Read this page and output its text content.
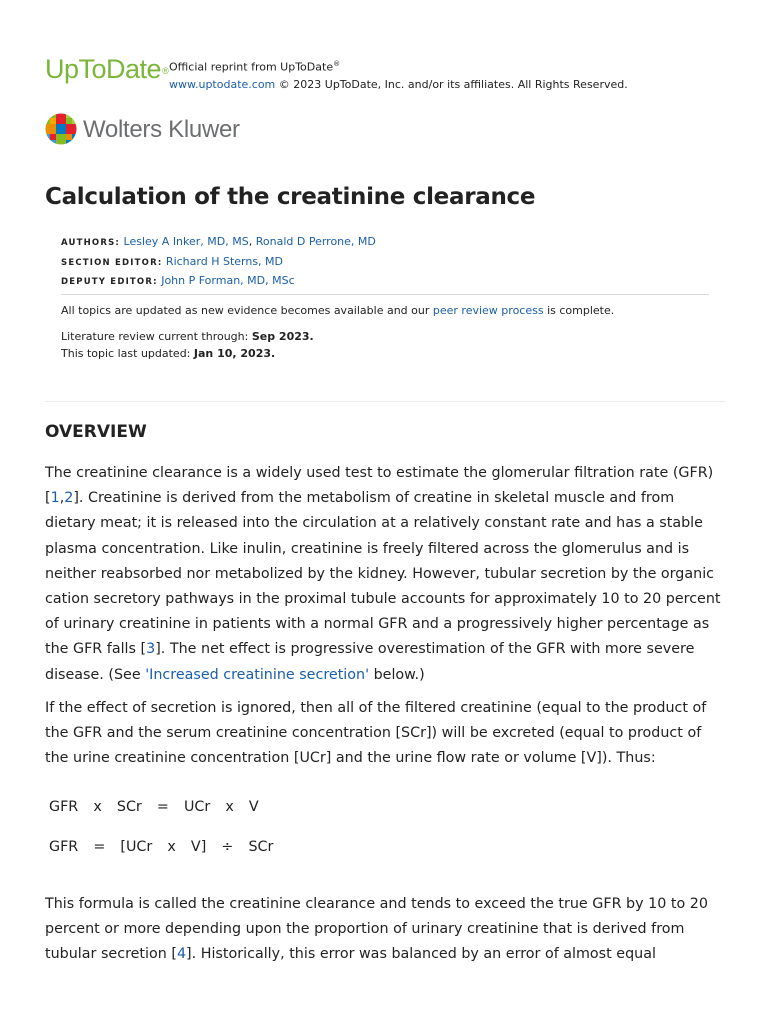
UpToDate® Official reprint from UpToDate®
www.uptodate.com © 2023 UpToDate, Inc. and/or its affiliates. All Rights Reserved.
Wolters Kluwer
Calculation of the creatinine clearance
AUTHORS: Lesley A Inker, MD, MS, Ronald D Perrone, MD
SECTION EDITOR: Richard H Sterns, MD
DEPUTY EDITOR: John P Forman, MD, MSc

All topics are updated as new evidence becomes available and our peer review process is complete.

Literature review current through: Sep 2023.

This topic last updated: Jan 10, 2023.

OVERVIEW

The creatinine clearance is a widely used test to estimate the glomerular filtration rate (GFR) [1,2]. Creatinine is derived from the metabolism of creatine in skeletal muscle and from dietary meat; it is released into the circulation at a relatively constant rate and has a stable plasma concentration. Like inulin, creatinine is freely filtered across the glomerulus and is neither reabsorbed nor metabolized by the kidney. However, tubular secretion by the organic cation secretory pathways in the proximal tubule accounts for approximately 10 to 20 percent of urinary creatinine in patients with a normal GFR and a progressively higher percentage as the GFR falls [3]. The net effect is progressive overestimation of the GFR with more severe disease. (See 'Increased creatinine secretion' below.)

If the effect of secretion is ignored, then all of the filtered creatinine (equal to the product of the GFR and the serum creatinine concentration [SCr]) will be excreted (equal to product of the urine creatinine concentration [UCr] and the urine flow rate or volume [V]). Thus:

GFR  x  SCr  =  UCr  x  V
GFR  =  [UCr  x  V]  ÷  SCr

This formula is called the creatinine clearance and tends to exceed the true GFR by 10 to 20 percent or more depending upon the proportion of urinary creatinine that is derived from tubular secretion [4]. Historically, this error was balanced by an error of almost equal
